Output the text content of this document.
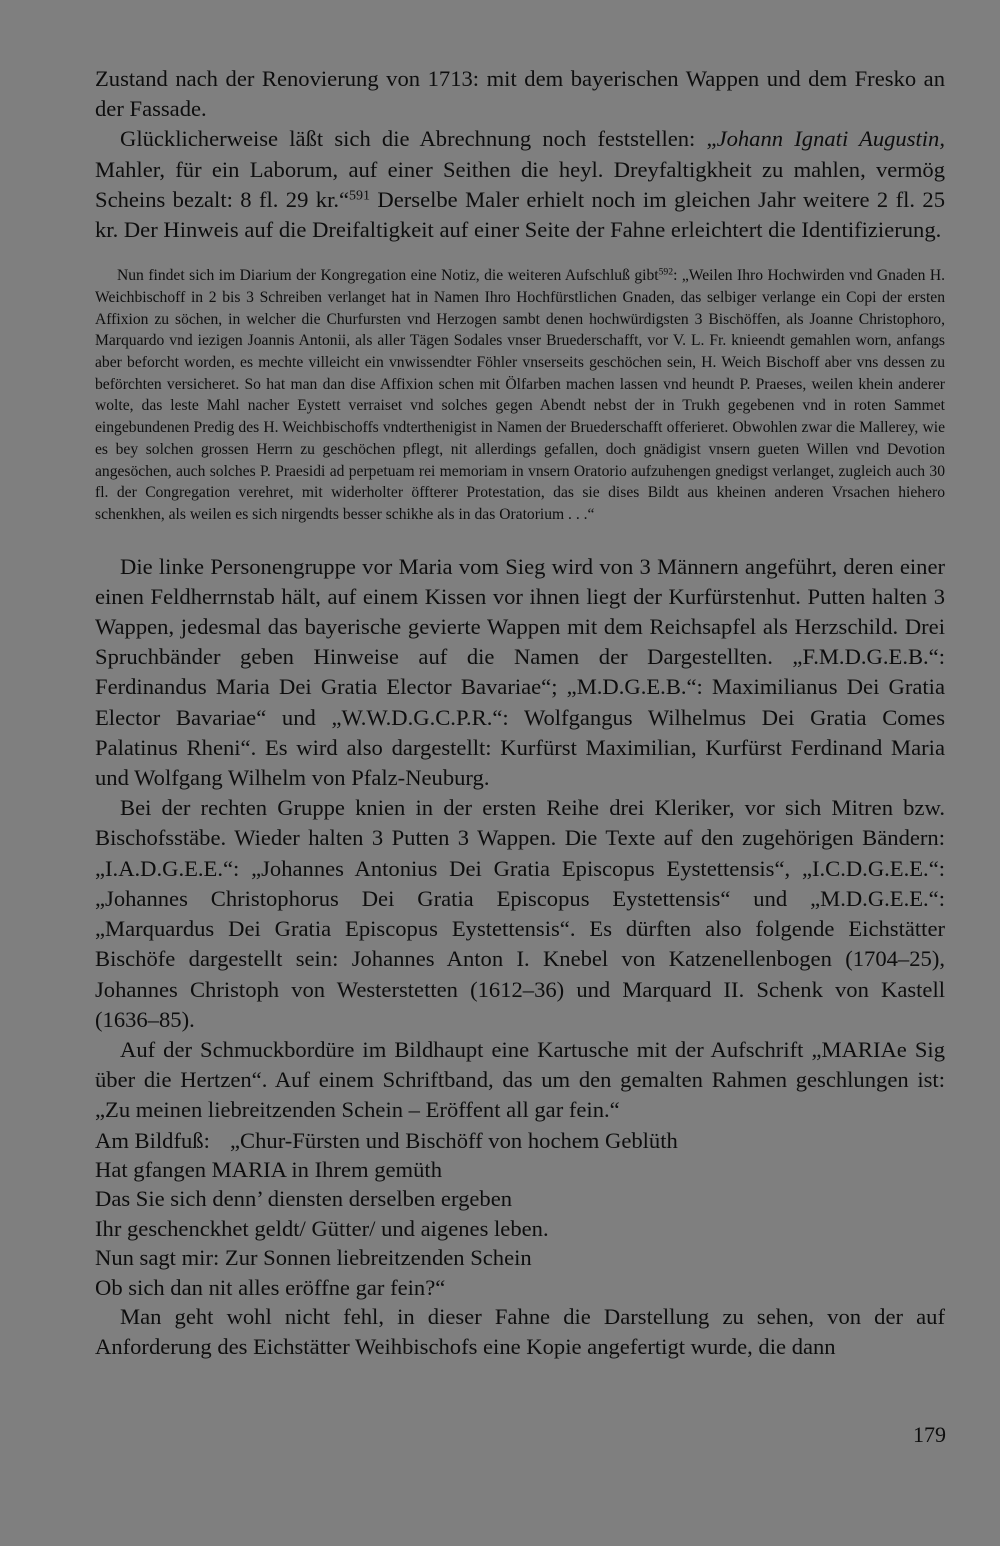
Zustand nach der Renovierung von 1713: mit dem bayerischen Wappen und dem Fresko an der Fassade.

Glücklicherweise läßt sich die Abrechnung noch feststellen: „Johann Ignati Augustin, Mahler, für ein Laborum, auf einer Seithen die heyl. Dreyfaltigkheit zu mahlen, vermög Scheins bezalt: 8 fl. 29 kr.“$^{591}$ Derselbe Maler erhielt noch im gleichen Jahr weitere 2 fl. 25 kr. Der Hinweis auf die Dreifaltigkeit auf einer Seite der Fahne erleichtert die Identifizierung.

Nun findet sich im Diarium der Kongregation eine Notiz, die weiteren Aufschluß gibt$^{592}$: „Weilen Ihro Hochwirden vnd Gnaden H. Weichbischoff in 2 bis 3 Schreiben verlanget hat in Namen Ihro Hochfürstlichen Gnaden, das selbiger verlange ein Copi der ersten Affixion zu söchen, in welcher die Churfursten vnd Herzogen sambt denen hochwürdigsten 3 Bischöffen, als Joanne Christophoro, Marquardo vnd iezigen Joannis Antonii, als aller Tägen Sodales vnser Bruederschafft, vor V. L. Fr. knieendt gemahlen worn, anfangs aber beforcht worden, es mechte villeicht ein vnwissendter Föhler vnserseits geschöchen sein, H. Weich Bischoff aber vns dessen zu beförchten versicheret. So hat man dan dise Affixion schen mit Ölfarben machen lassen vnd heundt P. Praeses, weilen khein anderer wolte, das leste Mahl nacher Eystett verraiset vnd solches gegen Abendt nebst der in Trukh gegebenen vnd in roten Sammet eingebundenen Predig des H. Weichbischoffs vndterthenigist in Namen der Bruederschafft offerieret. Obwohlen zwar die Mallerey, wie es bey solchen grossen Herrn zu geschöchen pflegt, nit allerdings gefallen, doch gnädigist vnsern gueten Willen vnd Devotion angesöchen, auch solches P. Praesidi ad perpetuam rei memoriam in vnsern Oratorio aufzuhengen gnedigst verlanget, zugleich auch 30 fl. der Congregation verehret, mit widerholter öffterer Protestation, das sie dises Bildt aus kheinen anderen Vrsachen hiehero schenkhen, als weilen es sich nirgendts besser schikhe als in das Oratorium . . .“

Die linke Personengruppe vor Maria vom Sieg wird von 3 Männern angeführt, deren einer einen Feldherrnstab hält, auf einem Kissen vor ihnen liegt der Kurfürstenhut. Putten halten 3 Wappen, jedesmal das bayerische gevierte Wappen mit dem Reichsapfel als Herzschild. Drei Spruchbänder geben Hinweise auf die Namen der Dargestellten. „F.M.D.G.E.B.“: Ferdinandus Maria Dei Gratia Elector Bavariae“; „M.D.G.E.B.“: Maximilianus Dei Gratia Elector Bavariae“ und „W.W.D.G.C.P.R.“: Wolfgangus Wilhelmus Dei Gratia Comes Palatinus Rheni“. Es wird also dargestellt: Kurfürst Maximilian, Kurfürst Ferdinand Maria und Wolfgang Wilhelm von Pfalz-Neuburg.

Bei der rechten Gruppe knien in der ersten Reihe drei Kleriker, vor sich Mitren bzw. Bischofsstäbe. Wieder halten 3 Putten 3 Wappen. Die Texte auf den zugehörigen Bändern: „I.A.D.G.E.E.“: „Johannes Antonius Dei Gratia Episcopus Eystettensis“, „I.C.D.G.E.E.“: „Johannes Christophorus Dei Gratia Episcopus Eystettensis“ und „M.D.G.E.E.“: „Marquardus Dei Gratia Episcopus Eystettensis“. Es dürften also folgende Eichstätter Bischöfe dargestellt sein: Johannes Anton I. Knebel von Katzenellenbogen (1704–25), Johannes Christoph von Westerstetten (1612–36) und Marquard II. Schenk von Kastell (1636–85).

Auf der Schmuckbordüre im Bildhaupt eine Kartusche mit der Aufschrift „MARIAe Sig über die Hertzen“. Auf einem Schriftband, das um den gemalten Rahmen geschlungen ist: „Zu meinen liebreitzenden Schein – Eröffent all gar fein.“

Am Bildfuß: „Chur-Fürsten und Bischöff von hochem Geblüth

Hat gfangen MARIA in Ihrem gemüth

Das Sie sich denn’ diensten derselben ergeben

Ihr geschenckhet geldt/ Gütter/ und aigenes leben.

Nun sagt mir: Zur Sonnen liebreitzenden Schein

Ob sich dan nit alles eröffne gar fein?“

Man geht wohl nicht fehl, in dieser Fahne die Darstellung zu sehen, von der auf Anforderung des Eichstätter Weihbischofs eine Kopie angefertigt wurde, die dann

179
